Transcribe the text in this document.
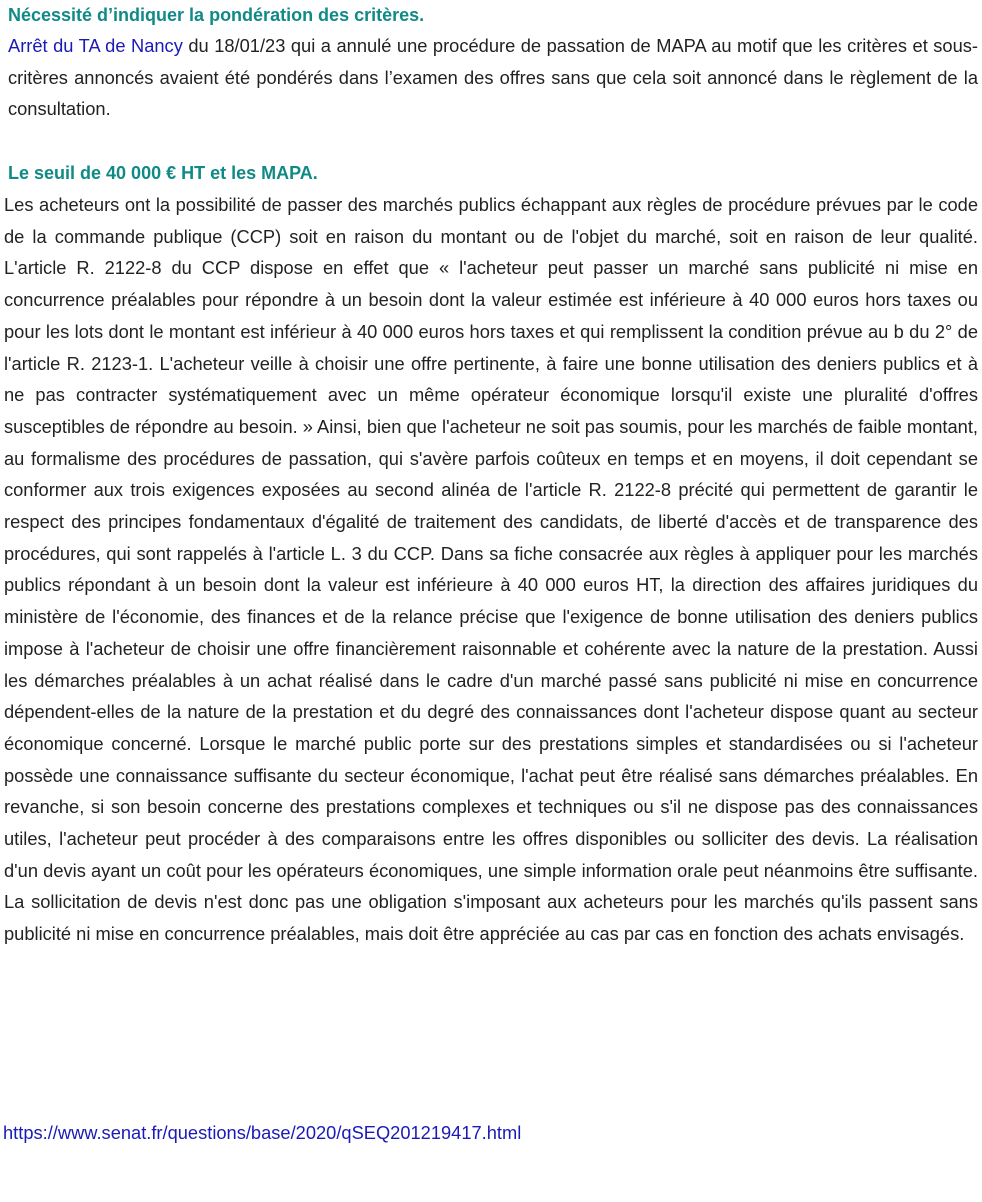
Nécessité d’indiquer la pondération des critères.

Arrêt du TA de Nancy du 18/01/23 qui a annulé une procédure de passation de MAPA au motif que les critères et sous-critères annoncés avaient été pondérés dans l’examen des offres sans que cela soit annoncé dans le règlement de la consultation.

Le seuil de 40 000 € HT et les MAPA.

Les acheteurs ont la possibilité de passer des marchés publics échappant aux règles de procédure prévues par le code de la commande publique (CCP) soit en raison du montant ou de l'objet du marché, soit en raison de leur qualité. L'article R. 2122-8 du CCP dispose en effet que « l'acheteur peut passer un marché sans publicité ni mise en concurrence préalables pour répondre à un besoin dont la valeur estimée est inférieure à 40 000 euros hors taxes ou pour les lots dont le montant est inférieur à 40 000 euros hors taxes et qui remplissent la condition prévue au b du 2° de l'article R. 2123-1. L'acheteur veille à choisir une offre pertinente, à faire une bonne utilisation des deniers publics et à ne pas contracter systématiquement avec un même opérateur économique lorsqu'il existe une pluralité d'offres susceptibles de répondre au besoin. » Ainsi, bien que l'acheteur ne soit pas soumis, pour les marchés de faible montant, au formalisme des procédures de passation, qui s'avère parfois coûteux en temps et en moyens, il doit cependant se conformer aux trois exigences exposées au second alinéa de l'article R. 2122-8 précité qui permettent de garantir le respect des principes fondamentaux d'égalité de traitement des candidats, de liberté d'accès et de transparence des procédures, qui sont rappelés à l'article L. 3 du CCP. Dans sa fiche consacrée aux règles à appliquer pour les marchés publics répondant à un besoin dont la valeur est inférieure à 40 000 euros HT, la direction des affaires juridiques du ministère de l'économie, des finances et de la relance précise que l'exigence de bonne utilisation des deniers publics impose à l'acheteur de choisir une offre financièrement raisonnable et cohérente avec la nature de la prestation. Aussi les démarches préalables à un achat réalisé dans le cadre d'un marché passé sans publicité ni mise en concurrence dépendent-elles de la nature de la prestation et du degré des connaissances dont l'acheteur dispose quant au secteur économique concerné. Lorsque le marché public porte sur des prestations simples et standardisées ou si l'acheteur possède une connaissance suffisante du secteur économique, l'achat peut être réalisé sans démarches préalables. En revanche, si son besoin concerne des prestations complexes et techniques ou s'il ne dispose pas des connaissances utiles, l'acheteur peut procéder à des comparaisons entre les offres disponibles ou solliciter des devis. La réalisation d'un devis ayant un coût pour les opérateurs économiques, une simple information orale peut néanmoins être suffisante. La sollicitation de devis n'est donc pas une obligation s'imposant aux acheteurs pour les marchés qu'ils passent sans publicité ni mise en concurrence préalables, mais doit être appréciée au cas par cas en fonction des achats envisagés.

https://www.senat.fr/questions/base/2020/qSEQ201219417.html
